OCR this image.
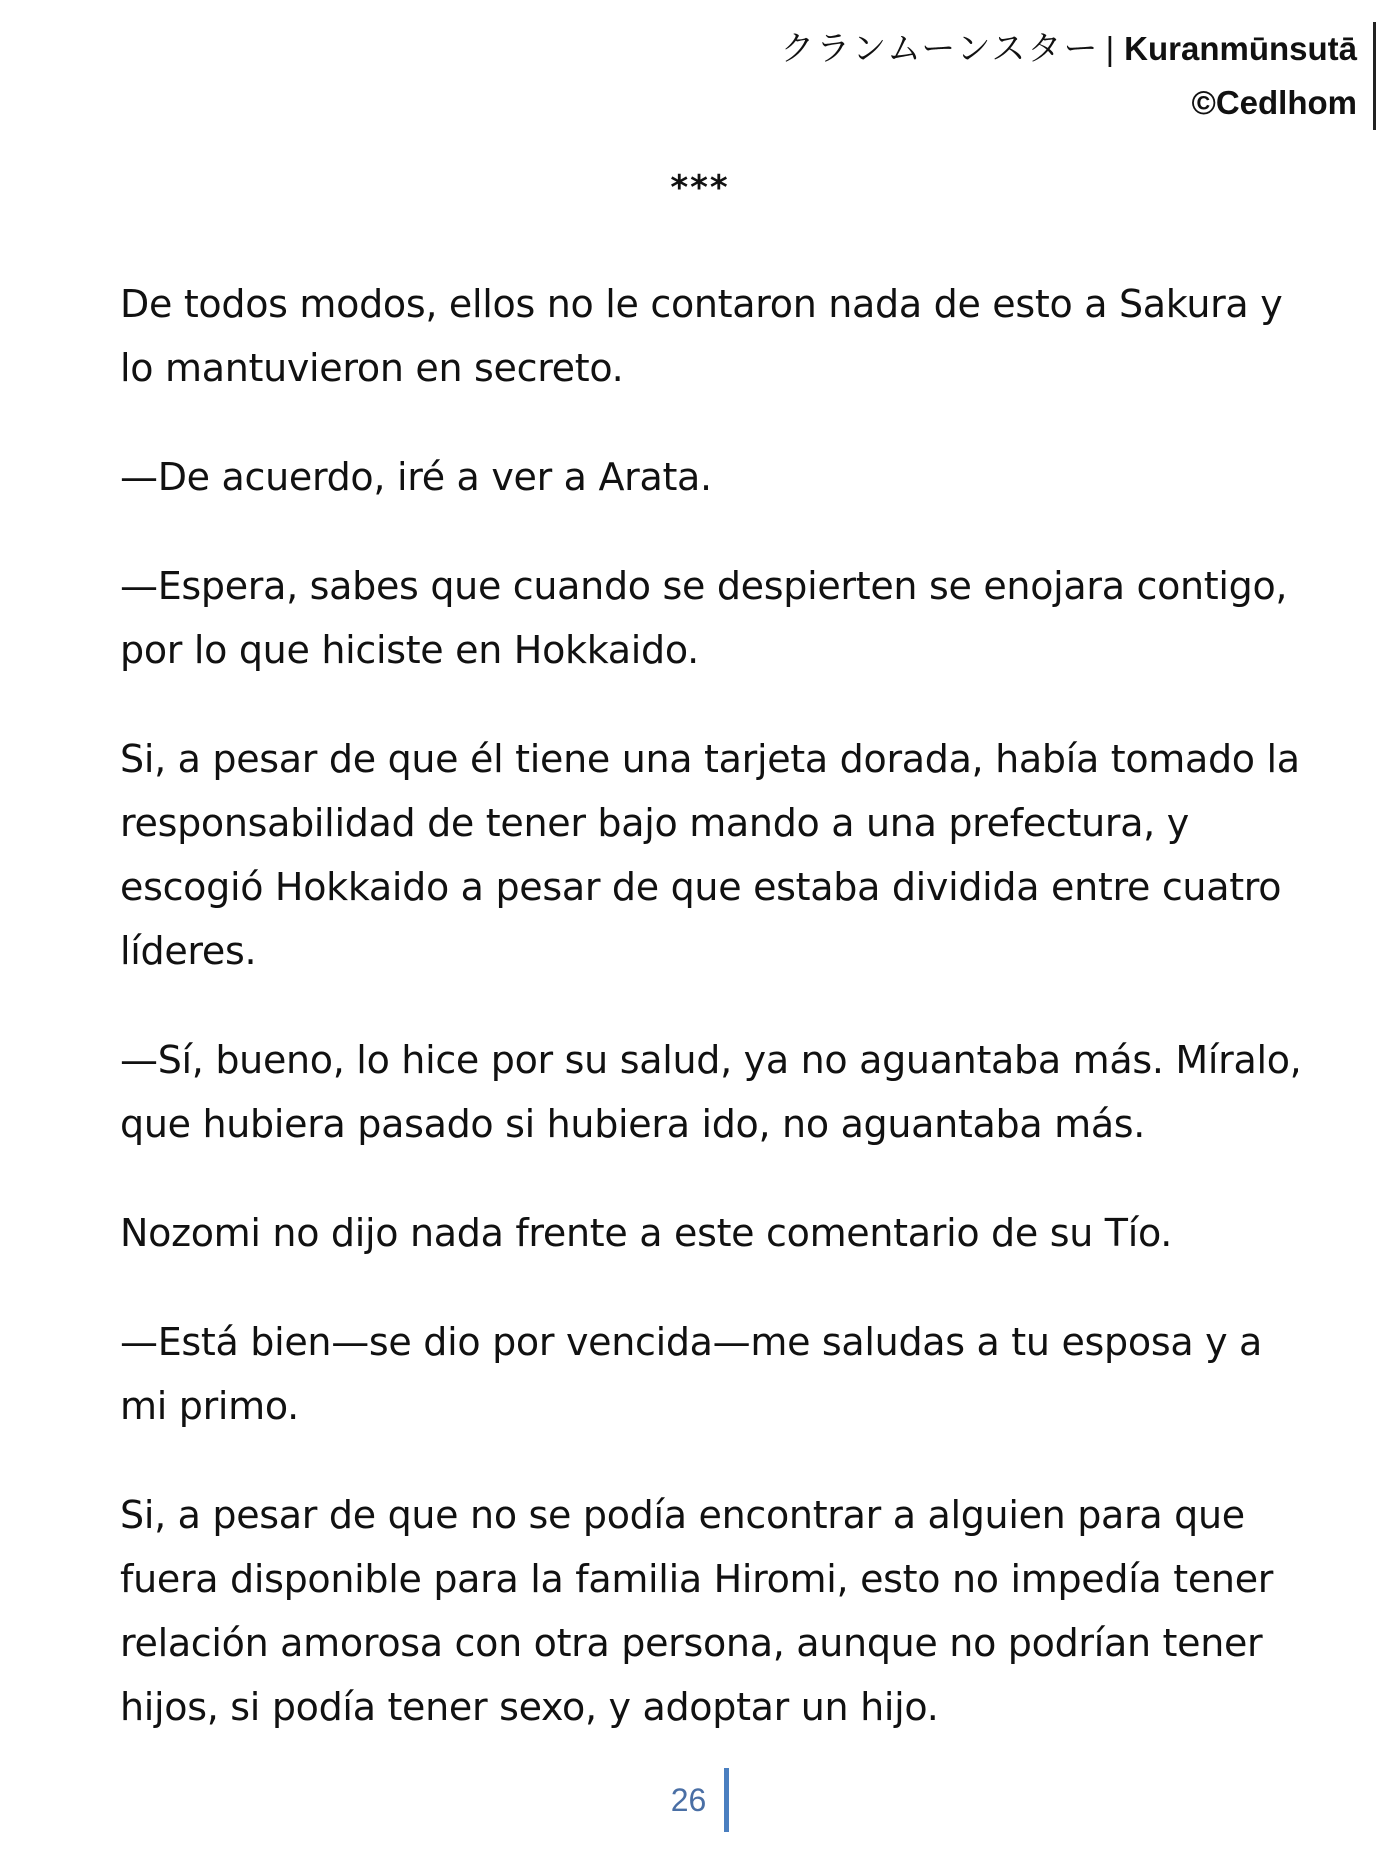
クランムーンスター | Kuranmūnsutā
©Cedlhom
***

De todos modos, ellos no le contaron nada de esto a Sakura y lo mantuvieron en secreto.

—De acuerdo, iré a ver a Arata.

—Espera, sabes que cuando se despierten se enojara contigo, por lo que hiciste en Hokkaido.

Si, a pesar de que él tiene una tarjeta dorada, había tomado la responsabilidad de tener bajo mando a una prefectura, y escogió Hokkaido a pesar de que estaba dividida entre cuatro líderes.

—Sí, bueno, lo hice por su salud, ya no aguantaba más. Míralo, que hubiera pasado si hubiera ido, no aguantaba más.

Nozomi no dijo nada frente a este comentario de su Tío.

—Está bien—se dio por vencida—me saludas a tu esposa y a mi primo.

Si, a pesar de que no se podía encontrar a alguien para que fuera disponible para la familia Hiromi, esto no impedía tener relación amorosa con otra persona, aunque no podrían tener hijos, si podía tener sexo, y adoptar un hijo.

26
